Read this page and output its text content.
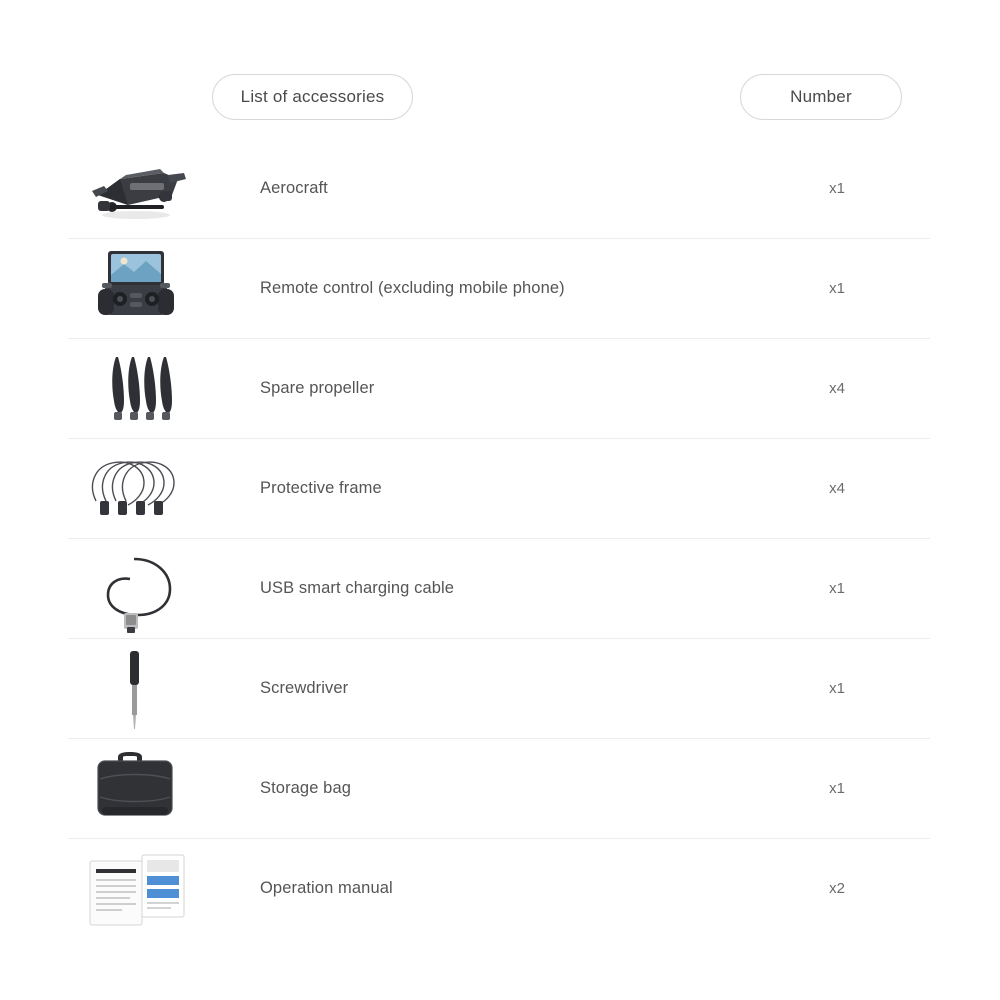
List of accessories	Number
Aerocraft	x1
Remote control (excluding mobile phone)	x1
Spare propeller	x4
Protective frame	x4
USB smart charging cable	x1
Screwdriver	x1
Storage bag	x1
Operation manual	x2
